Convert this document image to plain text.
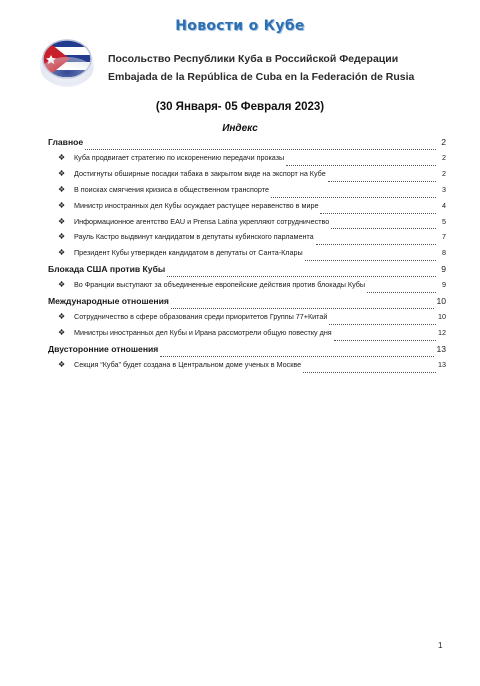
Новости о Кубе
Посольство Республики Куба в Российской Федерации
Embajada de la República de Cuba en la Federación de Rusia
(30 Января- 05 Февраля 2023)
Индекс
Главное	2
❖	Куба продвигает стратегию по искоренению передачи проказы	2
❖	Достигнуты обширные посадки табака в закрытом виде на экспорт на Кубе	2
❖	В поисках смягчения кризиса в общественном транспорте	3
❖	Министр иностранных дел Кубы осуждает растущее неравенство в мире	4
❖	Информационное агентство EAU и Prensa Latina укрепляют сотрудничество	5
❖	Рауль Кастро выдвинут кандидатом в депутаты кубинского парламента	7
❖	Президент Кубы утвержден кандидатом в депутаты от Санта-Клары	8
Блокада США против Кубы	9
❖	Во Франции выступают за объединенные европейские действия против блокады Кубы	9
Международные отношения	10
❖	Сотрудничество в сфере образования среди приоритетов Группы 77+Китай	10
❖	Министры иностранных дел Кубы и Ирана рассмотрели общую повестку дня	12
Двусторонние отношения	13
❖	Секция “Куба” будет создана в Центральном доме ученых в Москве	13
1
